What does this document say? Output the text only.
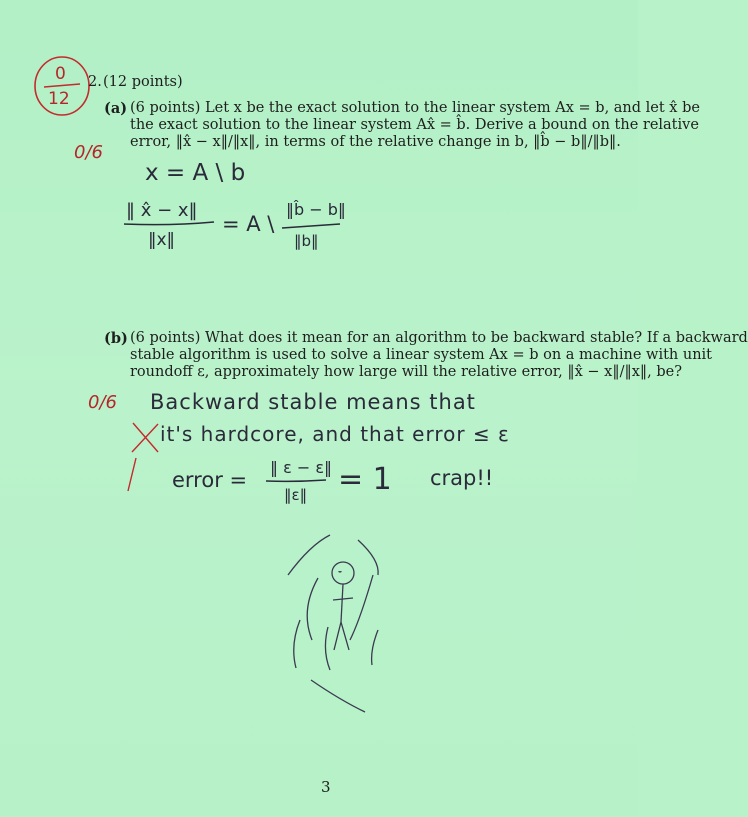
0
12
2. (12 points)
(a) (6 points) Let x be the exact solution to the linear system Ax = b, and let x̂ be
the exact solution to the linear system Ax̂ = b̂. Derive a bound on the relative
error, ‖x̂ − x‖/‖x‖, in terms of the relative change in b, ‖b̂ − b‖/‖b‖.
0/6
x = A \ b
‖ x̂ − x‖
‖x‖
= A \
‖b̂ − b‖
‖b‖
(b) (6 points) What does it mean for an algorithm to be backward stable? If a backward
stable algorithm is used to solve a linear system Ax = b on a machine with unit
roundoff ε, approximately how large will the relative error, ‖x̂ − x‖/‖x‖, be?
0/6 Backward stable means that
it's hardcore, and that error ≤ ε
error =
‖ ε − ε‖
‖ε‖ = 1 crap!!
3
